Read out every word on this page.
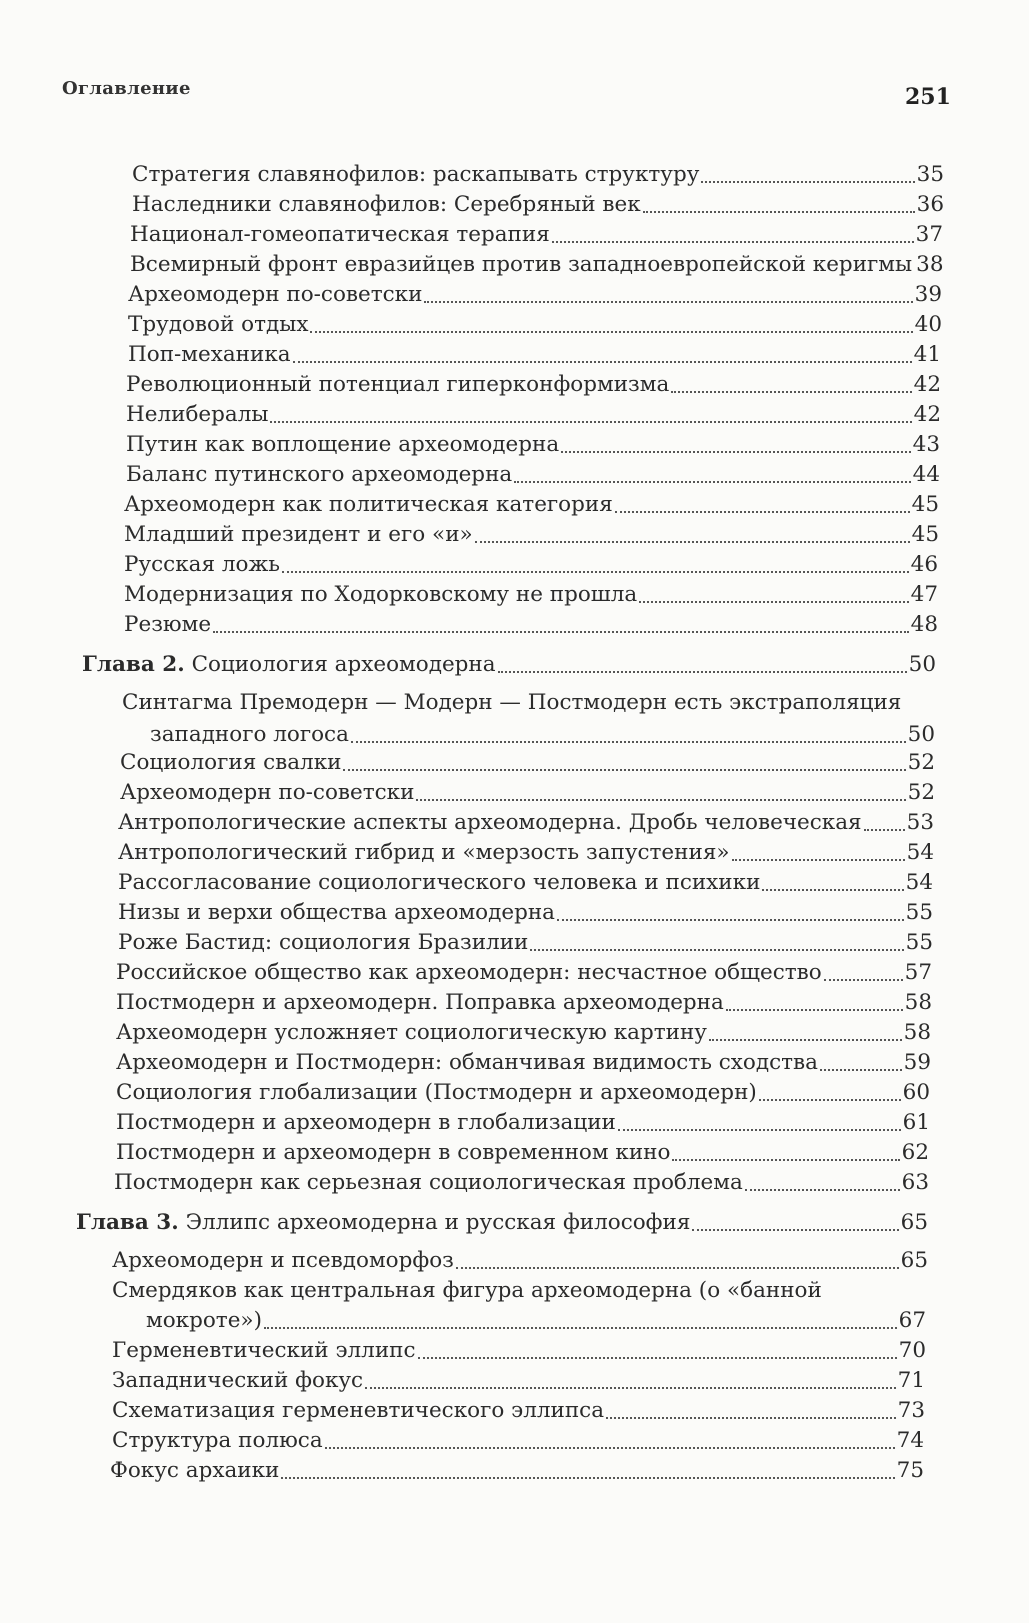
Оглавление	251
Стратегия славянофилов: раскапывать структуру	35
Наследники славянофилов: Серебряный век	36
Национал-гомеопатическая терапия	37
Всемирный фронт евразийцев против западноевропейской керигмы 38
Археомодерн по-советски	39
Трудовой отдых	40
Поп-механика	41
Революционный потенциал гиперконформизма	42
Нелибералы	42
Путин как воплощение археомодерна	43
Баланс путинского археомодерна	44
Археомодерн как политическая категория	45
Младший президент и его «и»	45
Русская ложь	46
Модернизация по Ходорковскому не прошла	47
Резюме	48
Глава 2. Социология археомодерна	50
Синтагма Премодерн — Модерн — Постмодерн есть экстраполяция
западного логоса	50
Социология свалки	52
Археомодерн по-советски	52
Антропологические аспекты археомодерна. Дробь человеческая 53
Антропологический гибрид и «мерзость запустения»	54
Рассогласование социологического человека и психики	54
Низы и верхи общества археомодерна	55
Роже Бастид: социология Бразилии	55
Российское общество как археомодерн: несчастное общество	57
Постмодерн и археомодерн. Поправка археомодерна	58
Археомодерн усложняет социологическую картину	58
Археомодерн и Постмодерн: обманчивая видимость сходства	59
Социология глобализации (Постмодерн и археомодерн)	60
Постмодерн и археомодерн в глобализации	61
Постмодерн и археомодерн в современном кино	62
Постмодерн как серьезная социологическая проблема	63
Глава 3. Эллипс археомодерна и русская философия	65
Археомодерн и псевдоморфоз	65
Смердяков как центральная фигура археомодерна (о «банной
мокроте»)	67
Герменевтический эллипс	70
Западнический фокус	71
Схематизация герменевтического эллипса	73
Структура полюса	74
Фокус архаики	75
